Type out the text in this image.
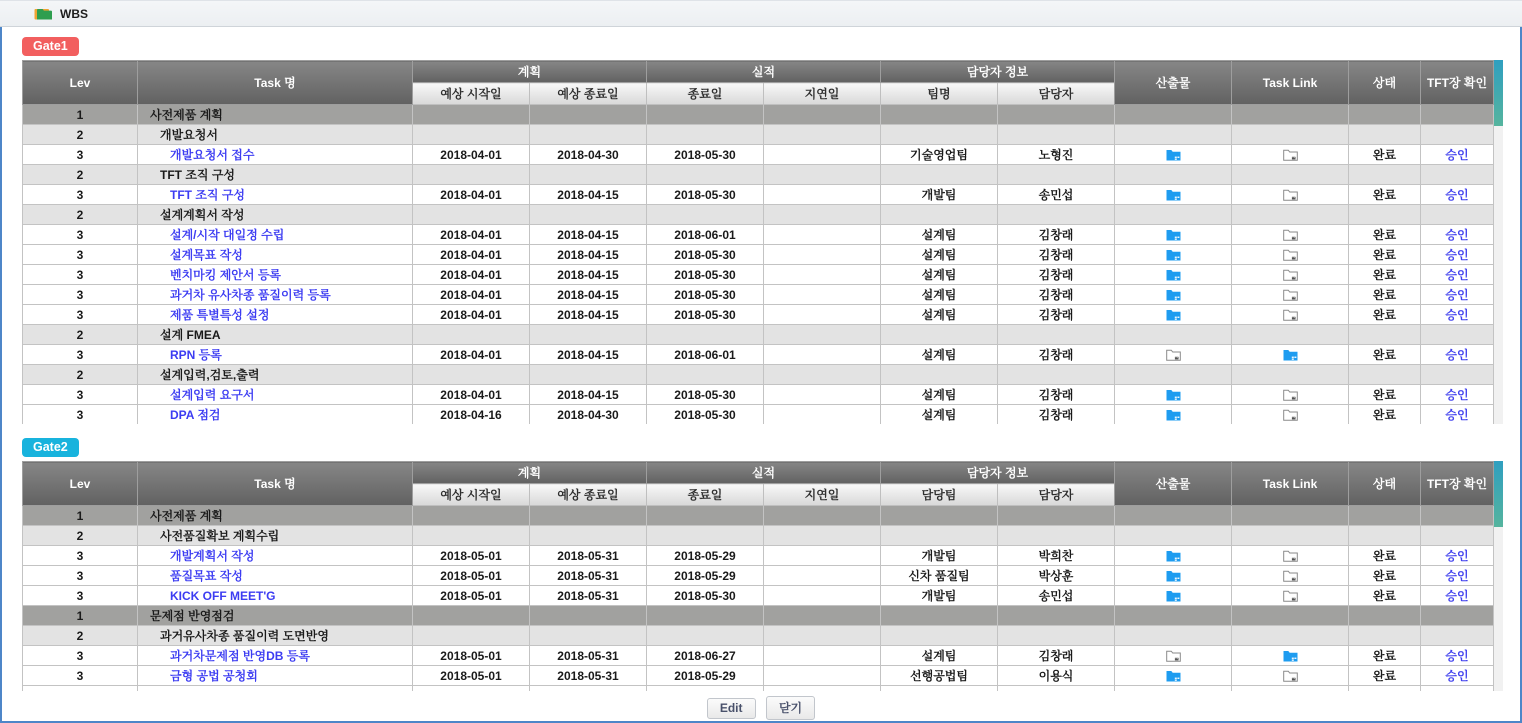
WBS
Gate1
Lev	Task 명	계획		실적		담당자 정보		산출물	Task Link	상태	TFT장 확인
		예상 시작일	예상 종료일	종료일	지연일	팀명	담당자				
1	사전제품 계획										
2	개발요청서										
3	개발요청서 접수	2018-04-01	2018-04-30	2018-05-30		기술영업팀	노형진			완료	승인
2	TFT 조직 구성										
3	TFT 조직 구성	2018-04-01	2018-04-15	2018-05-30		개발팀	송민섭			완료	승인
2	설계계획서 작성										
3	설계/시작 대일정 수립	2018-04-01	2018-04-15	2018-06-01		설계팀	김창래			완료	승인
3	설계목표 작성	2018-04-01	2018-04-15	2018-05-30		설계팀	김창래			완료	승인
3	벤치마킹 제안서 등록	2018-04-01	2018-04-15	2018-05-30		설계팀	김창래			완료	승인
3	과거차 유사차종 품질이력 등록	2018-04-01	2018-04-15	2018-05-30		설계팀	김창래			완료	승인
3	제품 특별특성 설정	2018-04-01	2018-04-15	2018-05-30		설계팀	김창래			완료	승인
2	설계 FMEA										
3	RPN 등록	2018-04-01	2018-04-15	2018-06-01		설계팀	김창래			완료	승인
2	설계입력,검토,출력										
3	설계입력 요구서	2018-04-01	2018-04-15	2018-05-30		설계팀	김창래			완료	승인
3	DPA 점검	2018-04-16	2018-04-30	2018-05-30		설계팀	김창래			완료	승인
Gate2
Lev	Task 명	계획		실적		담당자 정보		산출물	Task Link	상태	TFT장 확인
		예상 시작일	예상 종료일	종료일	지연일	담당팀	담당자				
1	사전제품 계획										
2	사전품질확보 계획수립										
3	개발계획서 작성	2018-05-01	2018-05-31	2018-05-29		개발팀	박희찬			완료	승인
3	품질목표 작성	2018-05-01	2018-05-31	2018-05-29		신차 품질팀	박상훈			완료	승인
3	KICK OFF MEET'G	2018-05-01	2018-05-31	2018-05-30		개발팀	송민섭			완료	승인
1	문제점 반영점검										
2	과거유사차종 품질이력 도면반영										
3	과거차문제점 반영DB 등록	2018-05-01	2018-05-31	2018-06-27		설계팀	김창래			완료	승인
3	금형 공법 공청회	2018-05-01	2018-05-31	2018-05-29		선행공법팀	이용식			완료	승인

Edit	닫기
